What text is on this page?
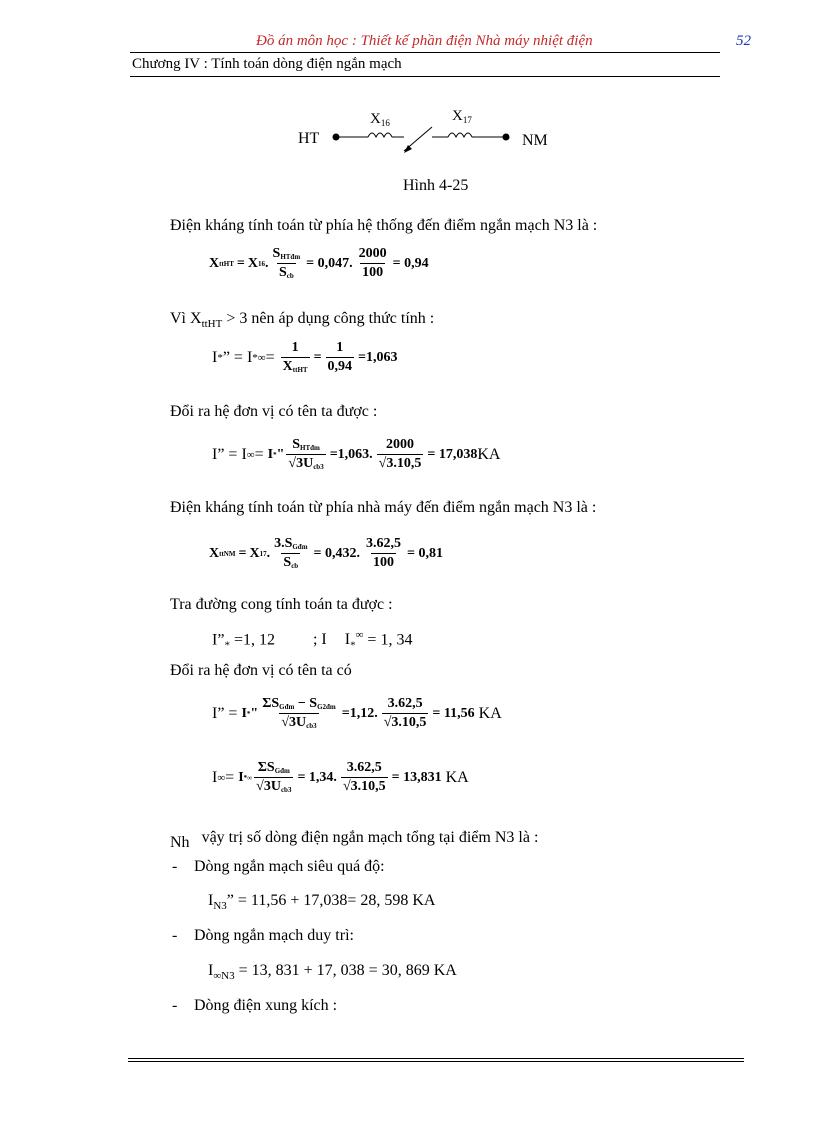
Đồ án môn học : Thiết kế phần điện Nhà máy nhiệt điện	52
Chương IV : Tính toán dòng điện ngắn mạch
HT	NM
$X_{16}$	$X_{17}$
Hình 4-25
Điện kháng tính toán từ phía hệ thống đến điểm ngắn mạch N3 là :
X ttHT = X 16 . $\frac{S_{HTđm}}{S_{cb}} = 0,047$. $\frac{2000}{100} = 0,94$
Vì $X_{ttHT} > 3$ nên áp dụng công thức tính :
I * ” = I * ∞ = $\frac{1}{X_{ttHT}} = \frac{1}{0,94} =1,063$
Đổi ra hệ đơn vị có tên ta được :
I” = I ∞ = I * " $\frac{S_{HTđm}}{√3U_{cb3}} =1,063$. $\frac{2000}{√3.10,5} = 17,038$ KA
Điện kháng tính toán từ phía nhà máy đến điểm ngắn mạch N3 là :
X ttNM = X 17 . $\frac{3.S_{Gđm}}{S_{cb}} = 0,432$. $\frac{3.62,5}{100} = 0,81$
Tra đường cong tính toán ta được :
$I”_* =1$, 12 ; I $I_*^\infty = 1$, 34
Đổi ra hệ đơn vị có tên ta có
I” = I * " $\frac{\Sigma S_{Gđm} - S_{G2đm}}{√3U_{cb3}} =1,12$. $\frac{3.62,5}{√3.10,5} = 11,56$ KA
I ∞ = I *∞ $\frac{\Sigma S_{Gđm}}{√3U_{cb3}} = 1,34$. $\frac{3.62,5}{√3.10,5} = 13,831$ KA
Nh vậy trị số dòng điện ngắn mạch tổng tại điểm N3 là :
- Dòng ngắn mạch siêu quá độ:
$I_{N3}$” = 11,56 + 17,038= 28, 598 KA
- Dòng ngắn mạch duy trì:
$I_{\infty N3} = 13$, 831 + 17, 038 = 30, 869 KA
- Dòng điện xung kích :
